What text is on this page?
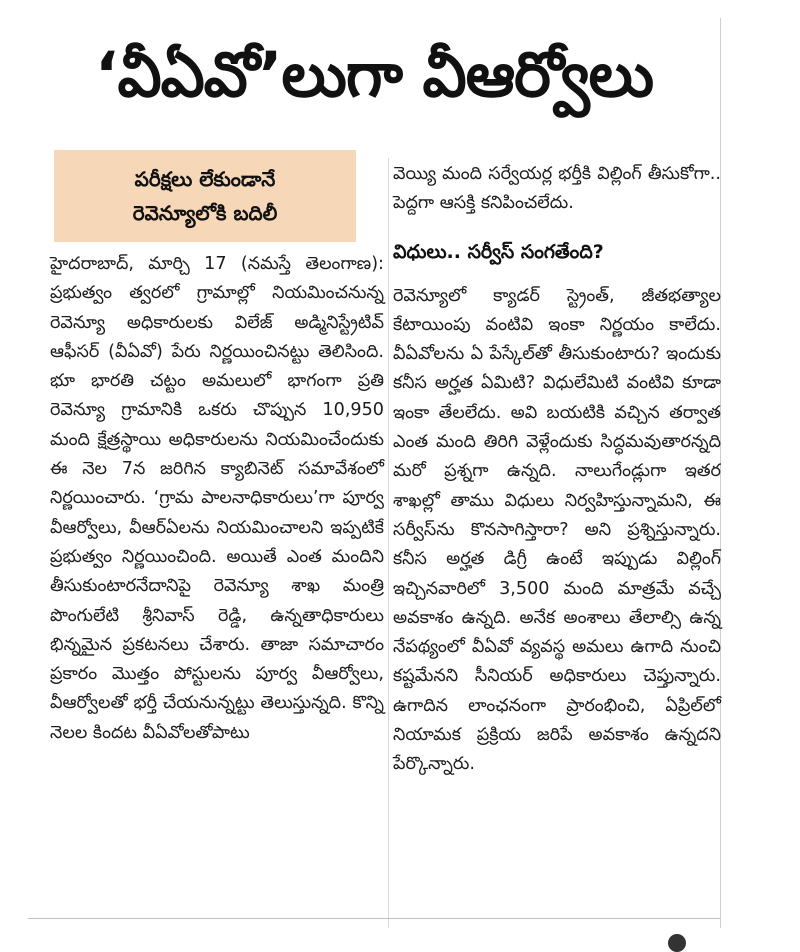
‘వీఏవో’లుగా వీఆర్వోలు
పరీక్షలు లేకుండానే
రెవెన్యూలోకి బదిలీ

హైదరాబాద్, మార్చి 17 (నమస్తే తెలంగాణ): ప్రభుత్వం త్వరలో గ్రామాల్లో నియమించనున్న రెవెన్యూ అధికారులకు విలేజ్ అడ్మినిస్ట్రేటివ్ ఆఫీసర్ (వీఏవో) పేరు నిర్ణయించినట్టు తెలిసింది. భూ భారతి చట్టం అమలులో భాగంగా ప్రతి రెవెన్యూ గ్రామానికి ఒకరు చొప్పున 10,950 మంది క్షేత్రస్థాయి అధికారులను నియమించేందుకు ఈ నెల 7న జరిగిన క్యాబినెట్ సమావేశంలో నిర్ణయించారు. ‘గ్రామ పాలనాధికారులు’గా పూర్వ వీఆర్వోలు, వీఆర్ఏలను నియమించాలని ఇప్పటికే ప్రభుత్వం నిర్ణయించింది. అయితే ఎంత మందిని తీసుకుంటారనేదానిపై రెవెన్యూ శాఖ మంత్రి పొంగులేటి శ్రీనివాస్ రెడ్డి, ఉన్నతాధికారులు భిన్నమైన ప్రకటనలు చేశారు. తాజా సమాచారం ప్రకారం మొత్తం పోస్టులను పూర్వ వీఆర్వోలు, వీఆర్వోలతో భర్తీ చేయనున్నట్టు తెలుస్తున్నది. కొన్ని నెలల కిందట వీఏవోలతోపాటు

వెయ్యి మంది సర్వేయర్ల భర్తీకి విల్లింగ్ తీసుకోగా.. పెద్దగా ఆసక్తి కనిపించలేదు.

విధులు.. సర్వీస్ సంగతేంది?

రెవెన్యూలో క్యాడర్ స్ట్రెంత్, జీతభత్యాల కేటాయింపు వంటివి ఇంకా నిర్ణయం కాలేదు. వీఏవోలను ఏ పేస్కేల్‌తో తీసుకుంటారు? ఇందుకు కనీస అర్హత ఏమిటి? విధులేమిటి వంటివి కూడా ఇంకా తేలలేదు. అవి బయటికి వచ్చిన తర్వాత ఎంత మంది తిరిగి వెళ్లేందుకు సిద్ధమవుతారన్నది మరో ప్రశ్నగా ఉన్నది. నాలుగేండ్లుగా ఇతర శాఖల్లో తాము విధులు నిర్వహిస్తున్నామని, ఈ సర్వీస్‌ను కొనసాగిస్తారా? అని ప్రశ్నిస్తున్నారు. కనీస అర్హత డిగ్రీ ఉంటే ఇప్పుడు విల్లింగ్ ఇచ్చినవారిలో 3,500 మంది మాత్రమే వచ్చే అవకాశం ఉన్నది. అనేక అంశాలు తేలాల్సి ఉన్న నేపథ్యంలో వీఏవో వ్యవస్థ అమలు ఉగాది నుంచి కష్టమేనని సీనియర్ అధికారులు చెప్తున్నారు. ఉగాదిన లాంఛనంగా ప్రారంభించి, ఏప్రిల్‌లో నియామక ప్రక్రియ జరిపే అవకాశం ఉన్నదని పేర్కొన్నారు.
